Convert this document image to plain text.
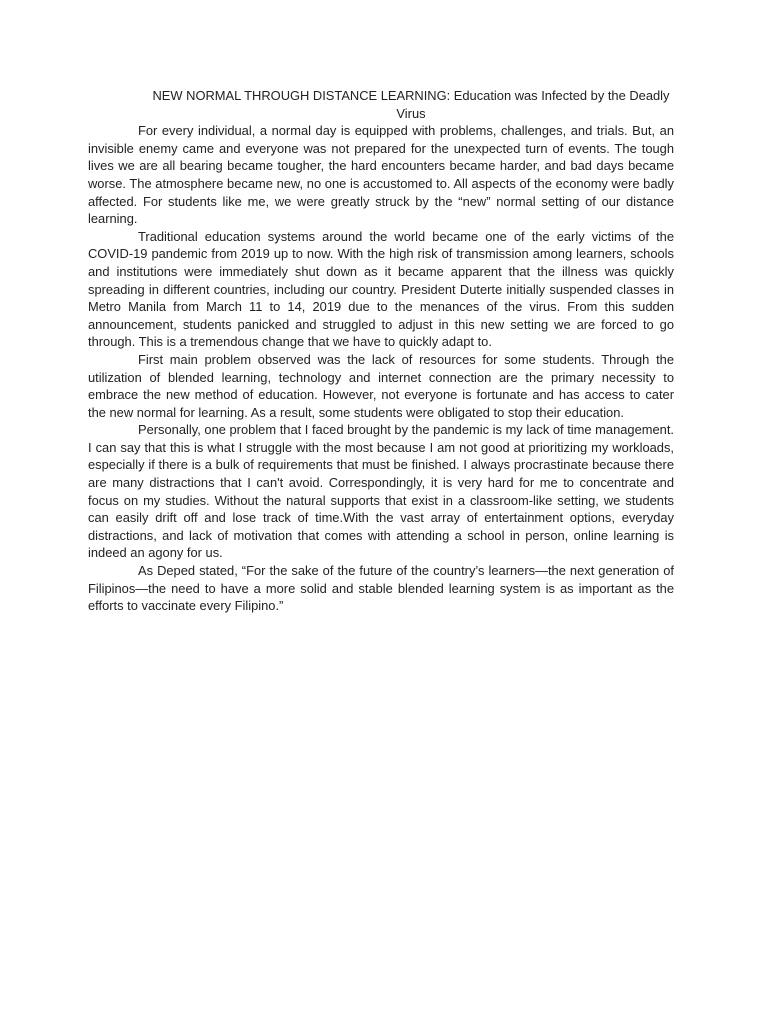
NEW NORMAL THROUGH DISTANCE LEARNING: Education was Infected by the Deadly Virus

For every individual, a normal day is equipped with problems, challenges, and trials. But, an invisible enemy came and everyone was not prepared for the unexpected turn of events. The tough lives we are all bearing became tougher, the hard encounters became harder, and bad days became worse. The atmosphere became new, no one is accustomed to. All aspects of the economy were badly affected. For students like me, we were greatly struck by the “new” normal setting of our distance learning.

Traditional education systems around the world became one of the early victims of the COVID-19 pandemic from 2019 up to now. With the high risk of transmission among learners, schools and institutions were immediately shut down as it became apparent that the illness was quickly spreading in different countries, including our country. President Duterte initially suspended classes in Metro Manila from March 11 to 14, 2019 due to the menances of the virus. From this sudden announcement, students panicked and struggled to adjust in this new setting we are forced to go through. This is a tremendous change that we have to quickly adapt to.

First main problem observed was the lack of resources for some students. Through the utilization of blended learning, technology and internet connection are the primary necessity to embrace the new method of education. However, not everyone is fortunate and has access to cater the new normal for learning. As a result, some students were obligated to stop their education.

Personally, one problem that I faced brought by the pandemic is my lack of time management. I can say that this is what I struggle with the most because I am not good at prioritizing my workloads, especially if there is a bulk of requirements that must be finished. I always procrastinate because there are many distractions that I can't avoid. Correspondingly, it is very hard for me to concentrate and focus on my studies. Without the natural supports that exist in a classroom-like setting, we students can easily drift off and lose track of time.With the vast array of entertainment options, everyday distractions, and lack of motivation that comes with attending a school in person, online learning is indeed an agony for us.

As Deped stated, “For the sake of the future of the country’s learners—the next generation of Filipinos—the need to have a more solid and stable blended learning system is as important as the efforts to vaccinate every Filipino.”
